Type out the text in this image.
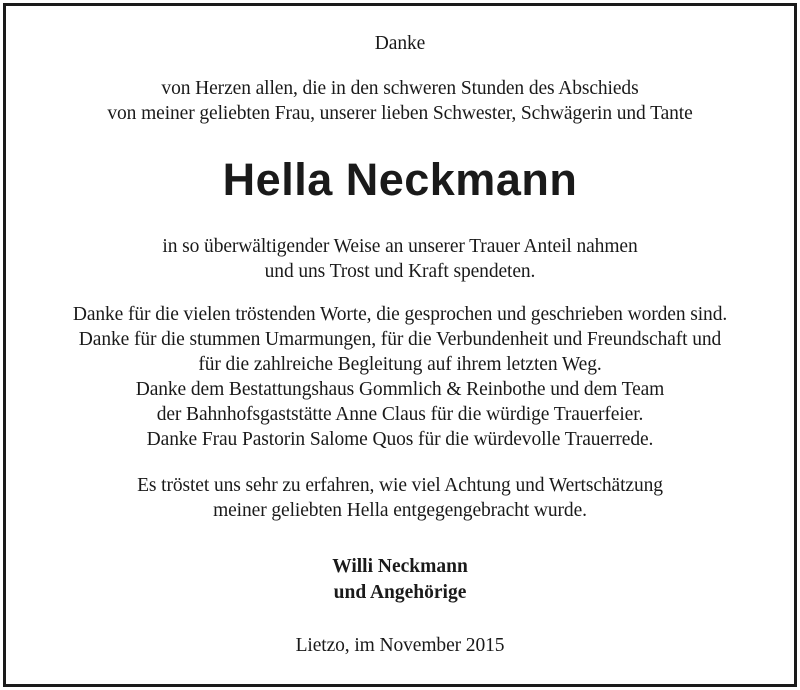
Danke
von Herzen allen, die in den schweren Stunden des Abschieds
von meiner geliebten Frau, unserer lieben Schwester, Schwägerin und Tante
Hella Neckmann
in so überwältigender Weise an unserer Trauer Anteil nahmen
und uns Trost und Kraft spendeten.
Danke für die vielen tröstenden Worte, die gesprochen und geschrieben worden sind.
Danke für die stummen Umarmungen, für die Verbundenheit und Freundschaft und
für die zahlreiche Begleitung auf ihrem letzten Weg.
Danke dem Bestattungshaus Gommlich & Reinbothe und dem Team
der Bahnhofsgaststätte Anne Claus für die würdige Trauerfeier.
Danke Frau Pastorin Salome Quos für die würdevolle Trauerrede.
Es tröstet uns sehr zu erfahren, wie viel Achtung und Wertschätzung
meiner geliebten Hella entgegengebracht wurde.
Willi Neckmann
und Angehörige
Lietzo, im November 2015
